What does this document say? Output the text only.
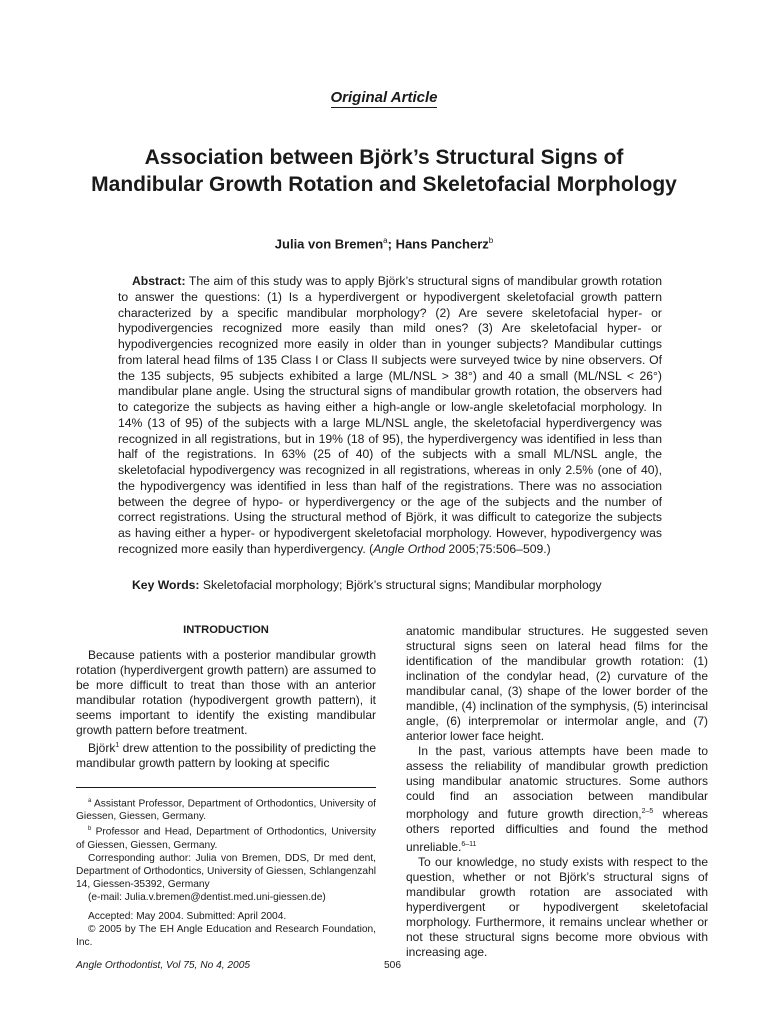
Original Article
Association between Björk’s Structural Signs of Mandibular Growth Rotation and Skeletofacial Morphology
Julia von Bremen$^a$; Hans Pancherz$^b$

Abstract: The aim of this study was to apply Björk’s structural signs of mandibular growth rotation to answer the questions: (1) Is a hyperdivergent or hypodivergent skeletofacial growth pattern characterized by a specific mandibular morphology? (2) Are severe skeletofacial hyper- or hypodivergencies recognized more easily than mild ones? (3) Are skeletofacial hyper- or hypodivergencies recognized more easily in older than in younger subjects? Mandibular cuttings from lateral head films of 135 Class I or Class II subjects were surveyed twice by nine observers. Of the 135 subjects, 95 subjects exhibited a large (ML/NSL > 38°) and 40 a small (ML/NSL < 26°) mandibular plane angle. Using the structural signs of mandibular growth rotation, the observers had to categorize the subjects as having either a high-angle or low-angle skeletofacial morphology. In 14% (13 of 95) of the subjects with a large ML/NSL angle, the skeletofacial hyperdivergency was recognized in all registrations, but in 19% (18 of 95), the hyperdivergency was identified in less than half of the registrations. In 63% (25 of 40) of the subjects with a small ML/NSL angle, the skeletofacial hypodivergency was recognized in all registrations, whereas in only 2.5% (one of 40), the hypodivergency was identified in less than half of the registrations. There was no association between the degree of hypo- or hyperdivergency or the age of the subjects and the number of correct registrations. Using the structural method of Björk, it was difficult to categorize the subjects as having either a hyper- or hypodivergent skeletofacial morphology. However, hypodivergency was recognized more easily than hyperdivergency. (Angle Orthod 2005;75:506–509.)

Key Words: Skeletofacial morphology; Björk’s structural signs; Mandibular morphology

INTRODUCTION

Because patients with a posterior mandibular growth rotation (hyperdivergent growth pattern) are assumed to be more difficult to treat than those with an anterior mandibular rotation (hypodivergent growth pattern), it seems important to identify the existing mandibular growth pattern before treatment.

Björk$^1$ drew attention to the possibility of predicting the mandibular growth pattern by looking at specific

$^a$ Assistant Professor, Department of Orthodontics, University of Giessen, Giessen, Germany.

$^b$ Professor and Head, Department of Orthodontics, University of Giessen, Giessen, Germany.

Corresponding author: Julia von Bremen, DDS, Dr med dent, Department of Orthodontics, University of Giessen, Schlangenzahl 14, Giessen-35392, Germany

(e-mail: Julia.v.bremen@dentist.med.uni-giessen.de)

Accepted: May 2004. Submitted: April 2004.

© 2005 by The EH Angle Education and Research Foundation, Inc.

anatomic mandibular structures. He suggested seven structural signs seen on lateral head films for the identification of the mandibular growth rotation: (1) inclination of the condylar head, (2) curvature of the mandibular canal, (3) shape of the lower border of the mandible, (4) inclination of the symphysis, (5) interincisal angle, (6) interpremolar or intermolar angle, and (7) anterior lower face height.

In the past, various attempts have been made to assess the reliability of mandibular growth prediction using mandibular anatomic structures. Some authors could find an association between mandibular morphology and future growth direction,$^{2-5}$ whereas others reported difficulties and found the method unreliable.$^{6-11}$

To our knowledge, no study exists with respect to the question, whether or not Björk’s structural signs of mandibular growth rotation are associated with hyperdivergent or hypodivergent skeletofacial morphology. Furthermore, it remains unclear whether or not these structural signs become more obvious with increasing age.

Angle Orthodontist, Vol 75, No 4, 2005	506
